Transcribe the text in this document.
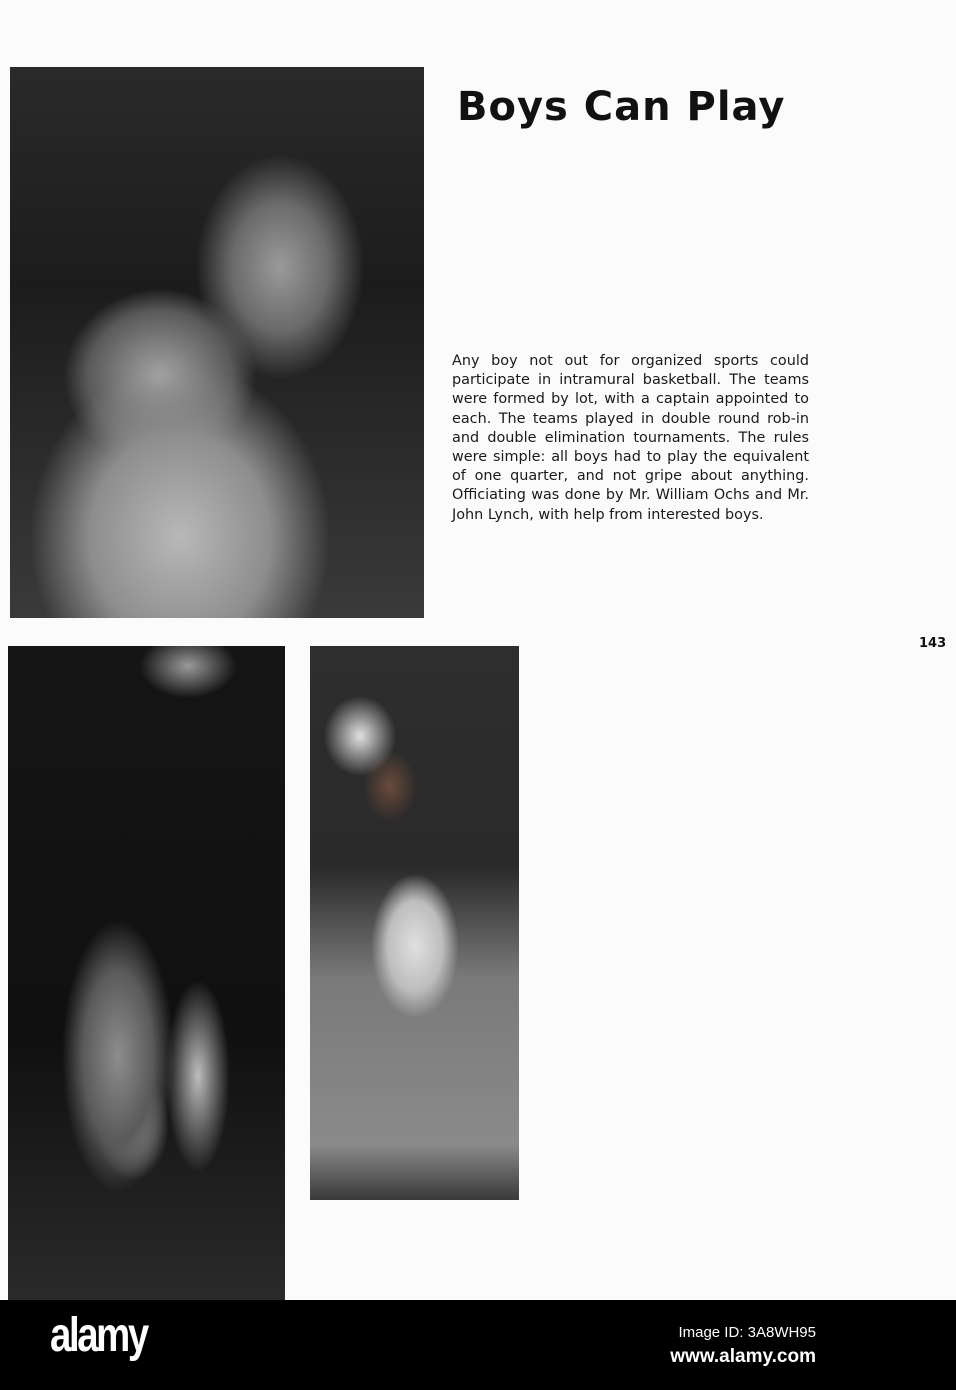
Boys Can Play

Any boy not out for organized sports could participate in intramural basketball. The teams were formed by lot, with a captain appointed to each. The teams played in double round rob-in and double elimination tournaments. The rules were simple: all boys had to play the equivalent of one quarter, and not gripe about anything. Officiating was done by Mr. William Ochs and Mr. John Lynch, with help from interested boys.

143
alamy	Image ID: 3A8WH95
www.alamy.com
